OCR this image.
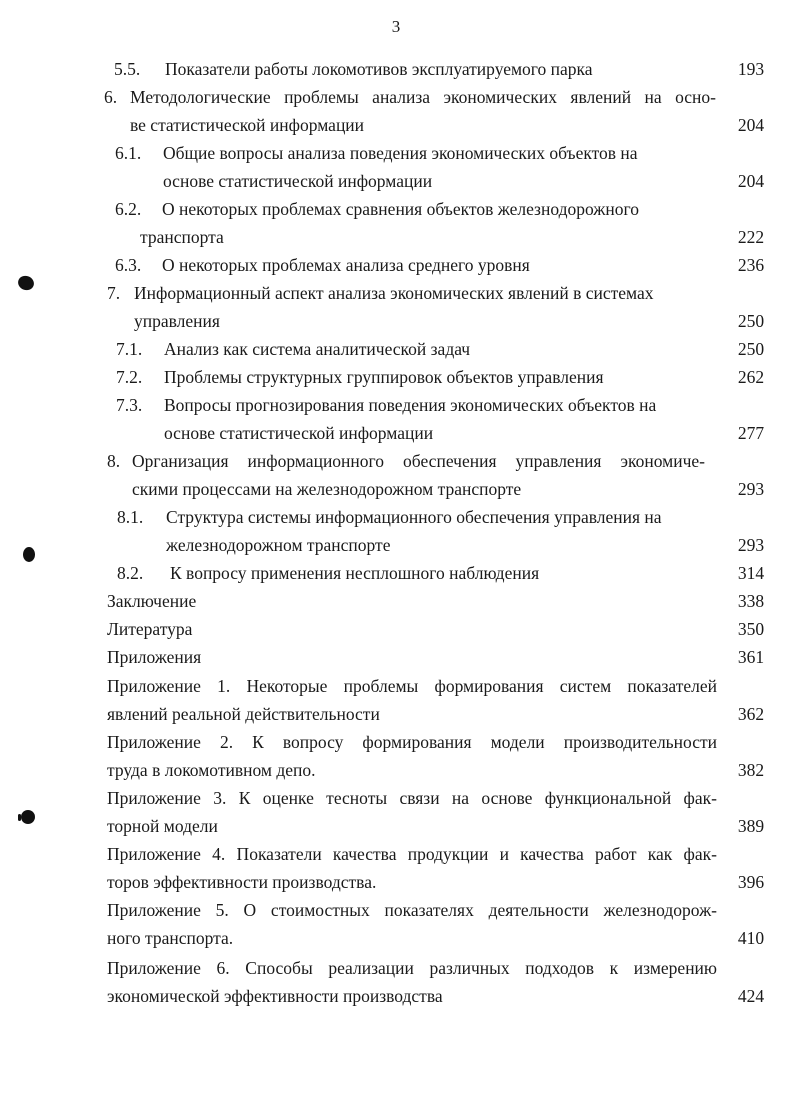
3
5.5. Показатели работы локомотивов эксплуатируемого парка	193
6. Методологические проблемы анализа экономических явлений на осно-
ве статистической информации	204
6.1. Общие вопросы анализа поведения экономических объектов на
основе статистической информации	204
6.2. О некоторых проблемах сравнения объектов железнодорожного
транспорта	222
6.3. О некоторых проблемах анализа среднего уровня	236
7. Информационный аспект анализа экономических явлений в системах
управления	250
7.1. Анализ как система аналитической задач	250
7.2. Проблемы структурных группировок объектов управления	262
7.3. Вопросы прогнозирования поведения экономических объектов на
основе статистической информации	277
8. Организация информационного обеспечения управления экономиче-
скими процессами на железнодорожном транспорте	293
8.1. Структура системы информационного обеспечения управления на
железнодорожном транспорте	293
8.2. К вопросу применения несплошного наблюдения	314
Заключение	338
Литература	350
Приложения	361
Приложение 1. Некоторые проблемы формирования систем показателей
явлений реальной действительности	362
Приложение 2. К вопросу формирования модели производительности
труда в локомотивном депо.	382
Приложение 3. К оценке тесноты связи на основе функциональной фак-
торной модели	389
Приложение 4. Показатели качества продукции и качества работ как фак-
торов эффективности производства.	396
Приложение 5. О стоимостных показателях деятельности железнодорож-
ного транспорта.	410
Приложение 6. Способы реализации различных подходов к измерению
экономической эффективности производства	424
